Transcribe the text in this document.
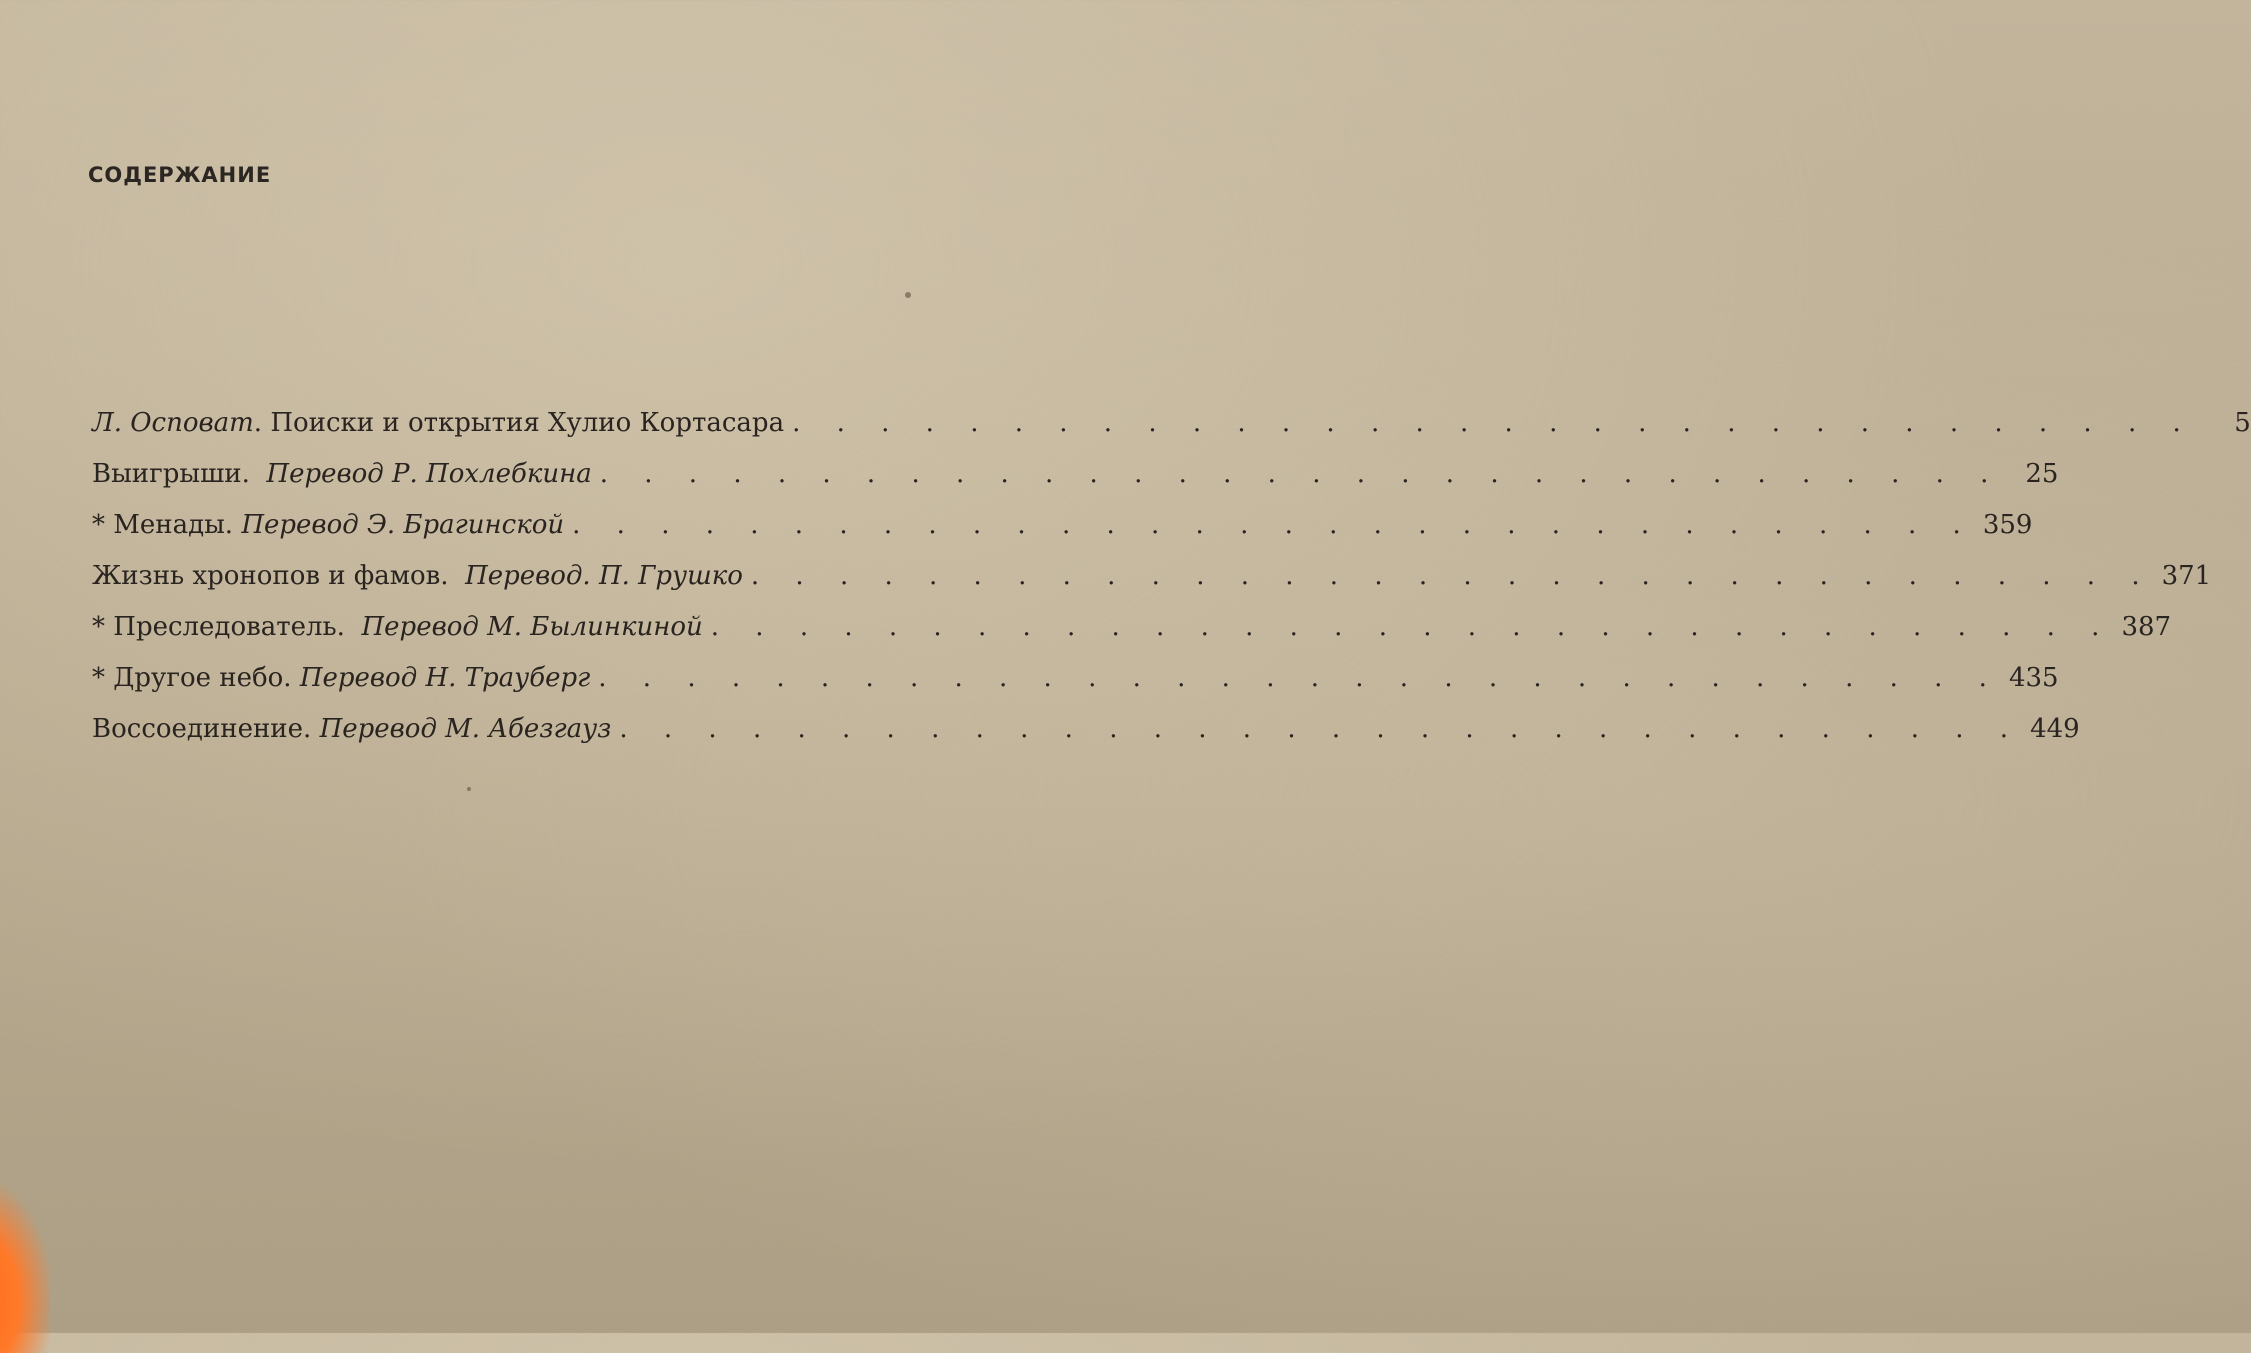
СОДЕРЖАНИЕ
Л. Осповат. Поиски и открытия Хулио Кортасара . . . . . . . . . . . . . . . . . . . . . . . . . . . . . . . .	5
Выигрыши. Перевод Р. Похлебкина . . . . . . . . . . . . . . . . . . . . . . . . . . . . . . . . 25
* Менады. Перевод Э. Брагинской . . . . . . . . . . . . . . . . . . . . . . . . . . . . . . . . 359
Жизнь хронопов и фамов. Перевод. П. Грушко . . . . . . . . . . . . . . . . . . . . . . . . . . . . . . . . 371
* Преследователь. Перевод М. Былинкиной . . . . . . . . . . . . . . . . . . . . . . . . . . . . . . . . 387
* Другое небо. Перевод Н. Трауберг . . . . . . . . . . . . . . . . . . . . . . . . . . . . . . . . 435
Воссоединение. Перевод М. Абезгауз . . . . . . . . . . . . . . . . . . . . . . . . . . . . . . . . 449
